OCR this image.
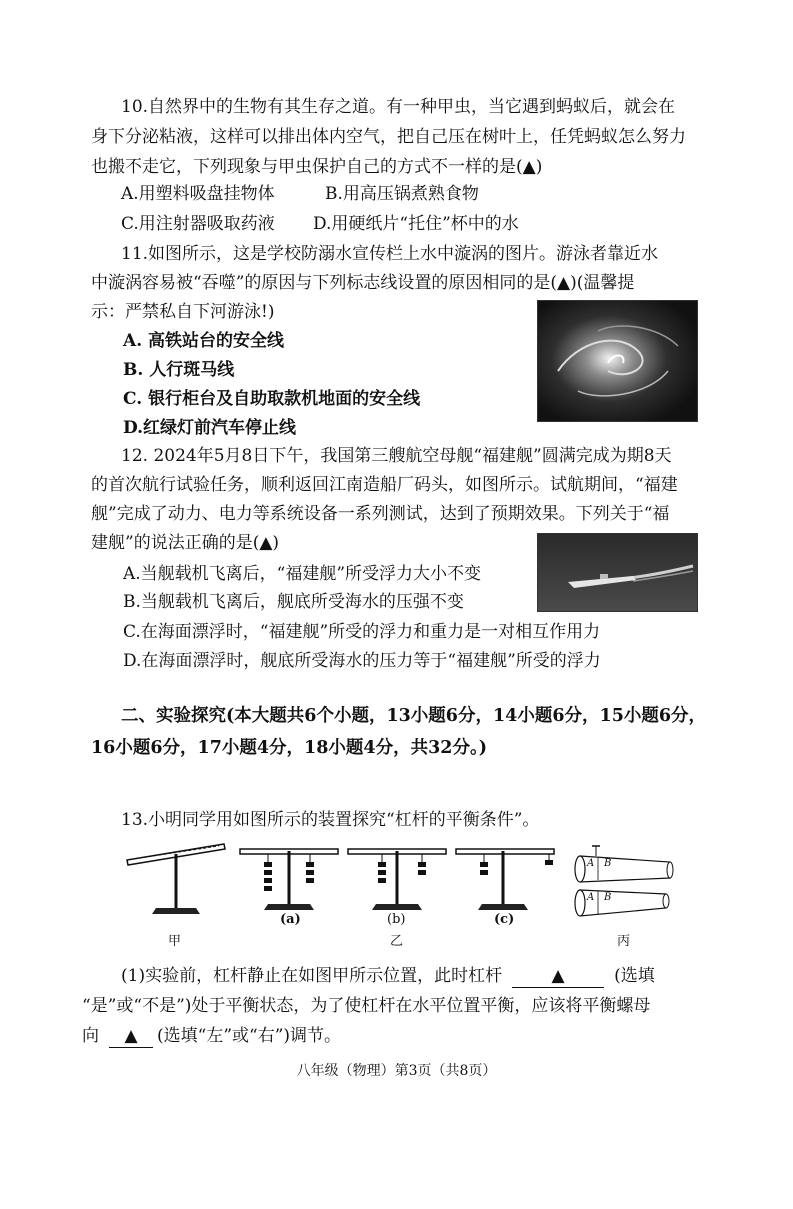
10.自然界中的生物有其生存之道。有一种甲虫，当它遇到蚂蚁后，就会在
身下分泌粘液，这样可以排出体内空气，把自己压在树叶上，任凭蚂蚁怎么努力
也搬不走它，下列现象与甲虫保护自己的方式不一样的是(▲)
A.用塑料吸盘挂物体	B.用高压锅煮熟食物
C.用注射器吸取药液 D.用硬纸片“托住”杯中的水
11.如图所示，这是学校防溺水宣传栏上水中漩涡的图片。游泳者靠近水
中漩涡容易被“吞噬”的原因与下列标志线设置的原因相同的是(▲)(温馨提
示：严禁私自下河游泳!)
A. 高铁站台的安全线
B. 人行斑马线
C. 银行柜台及自助取款机地面的安全线
D.红绿灯前汽车停止线
12. 2024年5月8日下午，我国第三艘航空母舰“福建舰”圆满完成为期8天
的首次航行试验任务，顺利返回江南造船厂码头，如图所示。试航期间，“福建
舰”完成了动力、电力等系统设备一系列测试，达到了预期效果。下列关于“福
建舰”的说法正确的是(▲)
A.当舰载机飞离后，“福建舰”所受浮力大小不变
B.当舰载机飞离后，舰底所受海水的压强不变
C.在海面漂浮时，“福建舰”所受的浮力和重力是一对相互作用力
D.在海面漂浮时，舰底所受海水的压力等于“福建舰”所受的浮力
二、实验探究(本大题共6个小题，13小题6分，14小题6分，15小题6分，
16小题6分，17小题4分，18小题4分，共32分。)
13.小明同学用如图所示的装置探究“杠杆的平衡条件”。
甲
(a)	(b)
乙
(c)
A B
A B
丙
(1)实验前，杠杆静止在如图甲所示位置，此时杠杆	▲	(选填
“是”或“不是”)处于平衡状态，为了使杠杆在水平位置平衡，应该将平衡螺母
向 ▲ (选填“左”或“右”)调节。
八年级（物理）第3页（共8页）
